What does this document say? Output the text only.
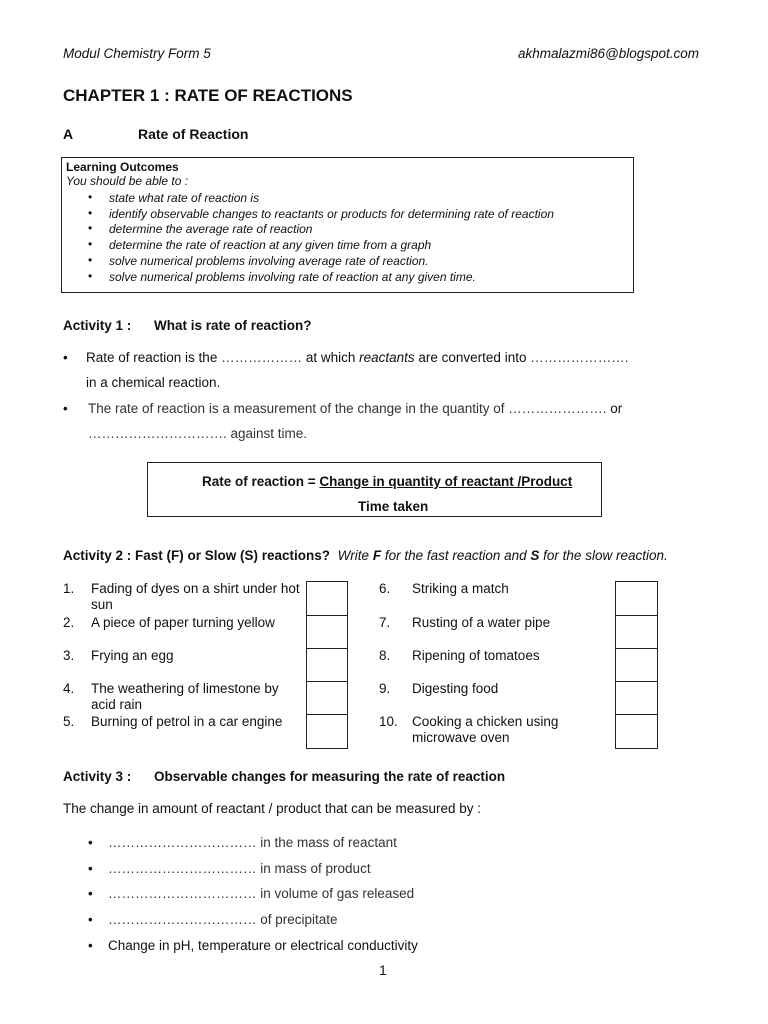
Modul Chemistry Form 5	akhmalazmi86@blogspot.com
CHAPTER 1 : RATE OF REACTIONS
A	Rate of Reaction
Learning Outcomes
You should be able to :
• state what rate of reaction is
• identify observable changes to reactants or products for determining rate of reaction
• determine the average rate of reaction
• determine the rate of reaction at any given time from a graph
• solve numerical problems involving average rate of reaction.
• solve numerical problems involving rate of reaction at any given time.
Activity 1 : What is rate of reaction?
• Rate of reaction is the ……………… at which reactants are converted into ………………….
in a chemical reaction.
• The rate of reaction is a measurement of the change in the quantity of …………………. or
…………………………. against time.
Rate of reaction = Change in quantity of reactant /Product
Time taken
Activity 2 : Fast (F) or Slow (S) reactions? Write F for the fast reaction and S for the slow reaction.
1. Fading of dyes on a shirt under hot sun
2. A piece of paper turning yellow
3. Frying an egg
4. The weathering of limestone by acid rain
5. Burning of petrol in a car engine
6. Striking a match
7. Rusting of a water pipe
8. Ripening of tomatoes
9. Digesting food
10. Cooking a chicken using microwave oven
Activity 3 : Observable changes for measuring the rate of reaction
The change in amount of reactant / product that can be measured by :
• …………………………… in the mass of reactant
• …………………………… in mass of product
• …………………………… in volume of gas released
• …………………………… of precipitate
• Change in pH, temperature or electrical conductivity
1
